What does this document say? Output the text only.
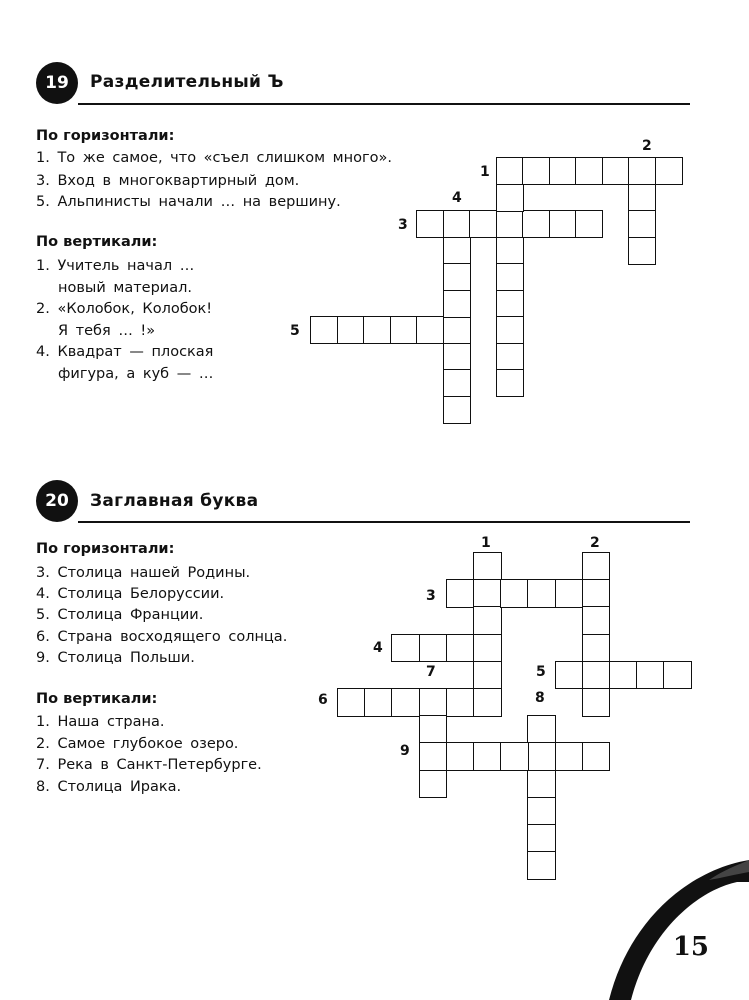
19 Разделительный Ъ
По горизонтали:
1. То же самое, что «съел слишком много».
3. Вход в многоквартирный дом.
5. Альпинисты начали … на вершину.
По вертикали:
1. Учитель начал …
новый материал.
2. «Колобок, Колобок!
Я тебя … !»
4. Квадрат — плоская
фигура, а куб — …
1
2
3
4
5
20 Заглавная буква
По горизонтали:
3. Столица нашей Родины.
4. Столица Белоруссии.
5. Столица Франции.
6. Страна восходящего солнца.
9. Столица Польши.
По вертикали:
1. Наша страна.
2. Самое глубокое озеро.
7. Река в Санкт-Петербурге.
8. Столица Ирака.
1	2
3
4
5
6
7
8
9
15
